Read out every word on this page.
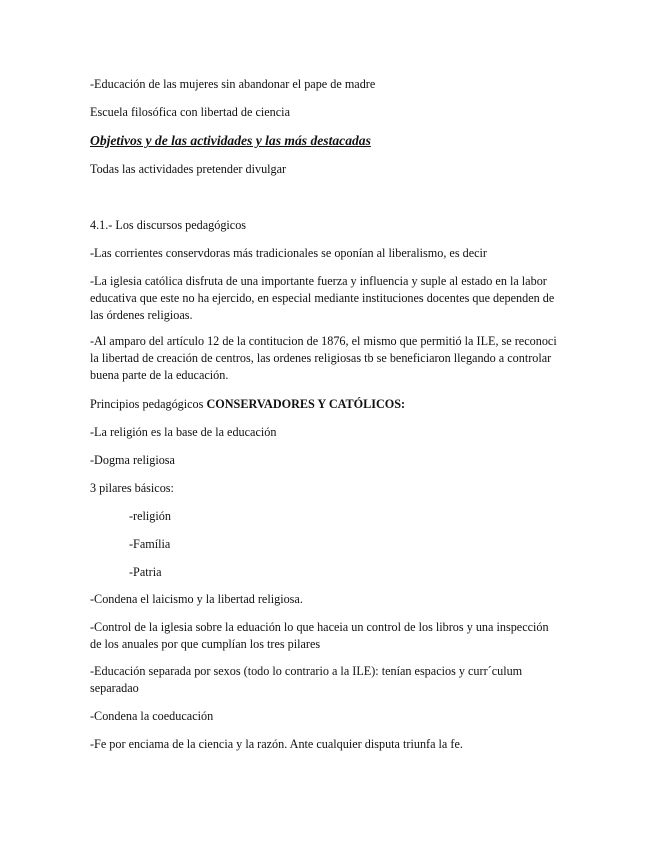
-Educación de las mujeres sin abandonar el pape de madre

Escuela filosófica con libertad de ciencia

Objetivos y de las actividades y las más destacadas

Todas las actividades pretender divulgar

4.1.- Los discursos pedagógicos

-Las corrientes conservdoras más tradicionales se oponían al liberalismo, es decir

-La iglesia católica disfruta de una importante fuerza y influencia y suple al estado en la labor educativa que este no ha ejercido, en especial mediante instituciones docentes que dependen de las órdenes religioas.

-Al amparo del artículo 12 de la contitucion de 1876, el mismo que permitió la ILE, se reconoci la libertad de creación de centros, las ordenes religiosas tb se beneficiaron llegando a controlar buena parte de la educación.

Principios pedagógicos CONSERVADORES Y CATÓLICOS:

-La religión es la base de la educación

-Dogma religiosa

3 pilares básicos:

-religión

-Família

-Patria

-Condena el laicismo y la libertad religiosa.

-Control de la iglesia sobre la eduación lo que haceia un control de los libros y una inspección de los anuales por que cumplían los tres pilares

-Educación separada por sexos (todo lo contrario a la ILE): tenían espacios y curr´culum separadao

-Condena la coeducación

-Fe por enciama de la ciencia y la razón. Ante cualquier disputa triunfa la fe.
